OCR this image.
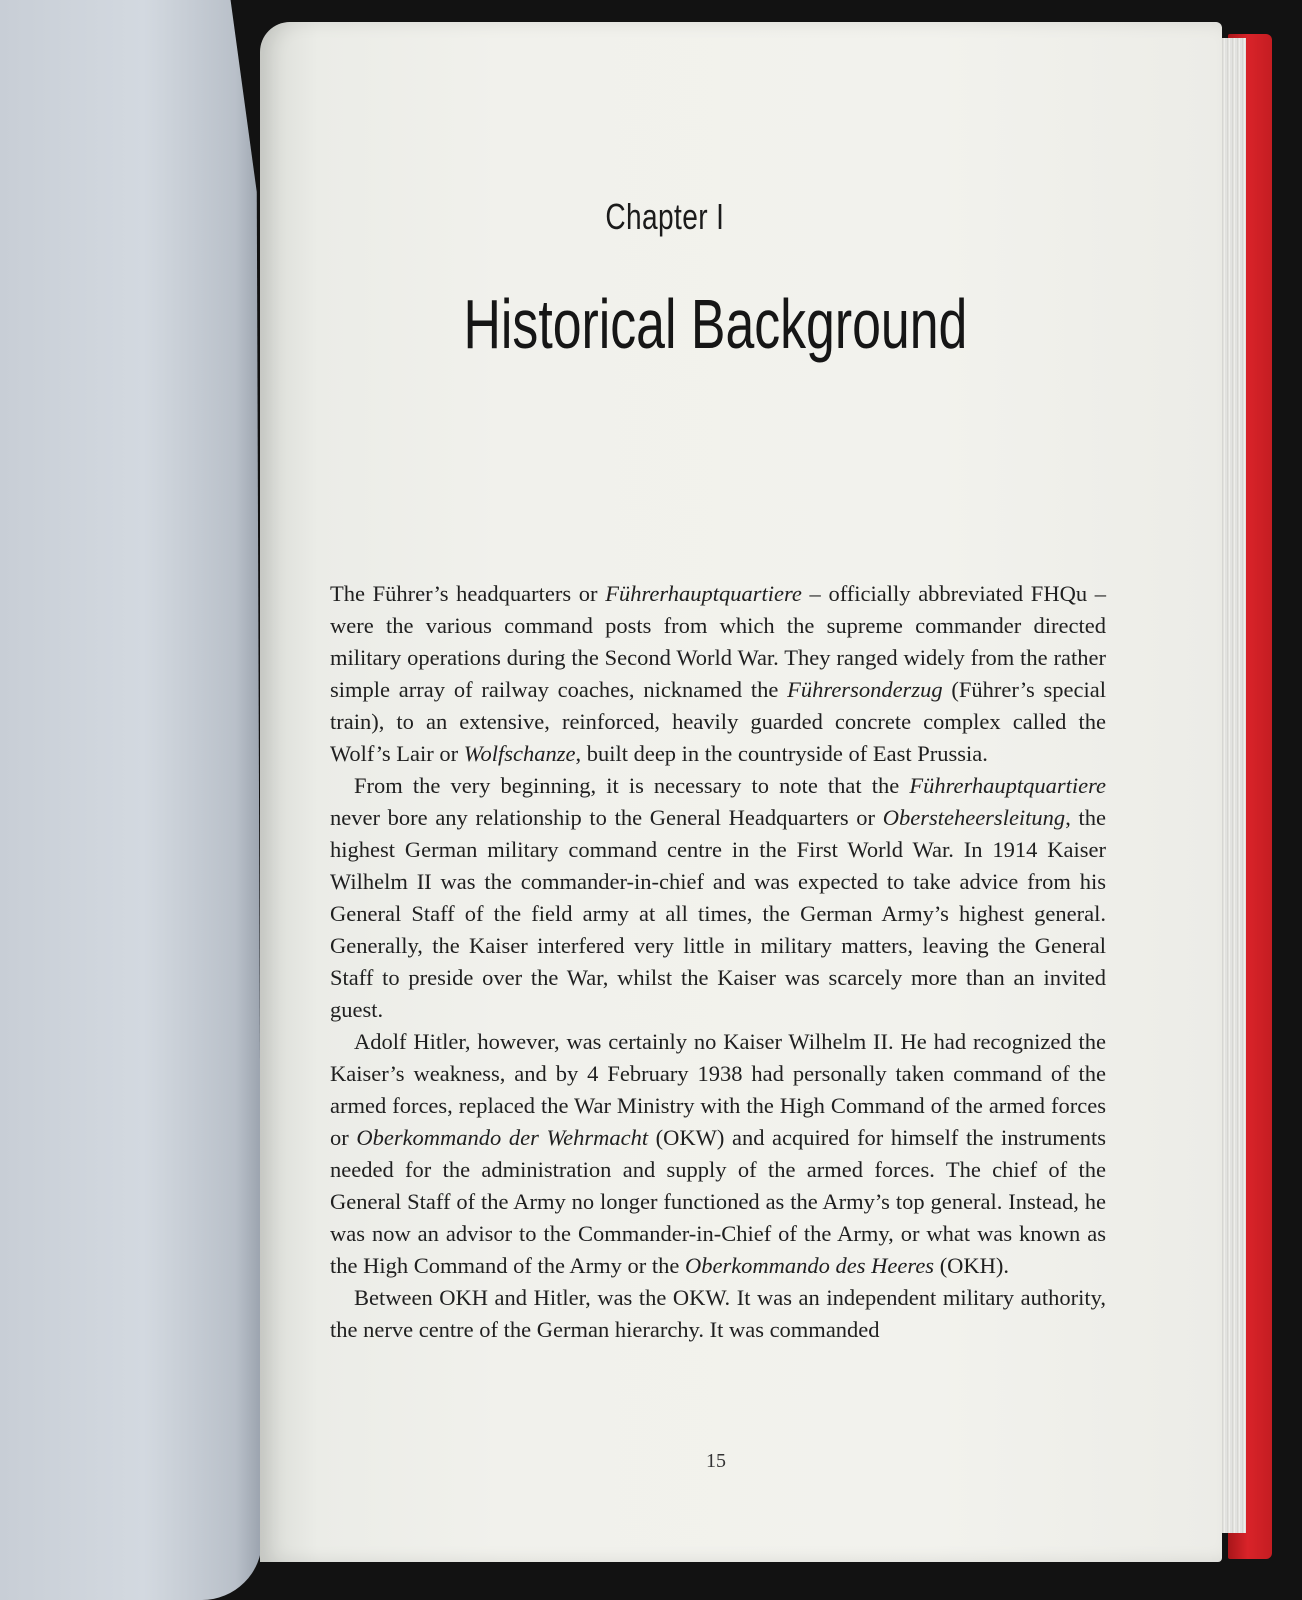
Chapter I
Historical Background

The Führer’s headquarters or Führerhauptquartiere – officially abbreviated FHQu – were the various command posts from which the supreme commander directed military operations during the Second World War. They ranged widely from the rather simple array of railway coaches, nicknamed the Führersonderzug (Führer’s special train), to an extensive, reinforced, heavily guarded concrete complex called the Wolf’s Lair or Wolfschanze, built deep in the countryside of East Prussia.

From the very beginning, it is necessary to note that the Führerhauptquartiere never bore any relationship to the General Headquarters or Obersteheersleitung, the highest German military command centre in the First World War. In 1914 Kaiser Wilhelm II was the commander-in-chief and was expected to take advice from his General Staff of the field army at all times, the German Army’s highest general. Generally, the Kaiser interfered very little in military matters, leaving the General Staff to preside over the War, whilst the Kaiser was scarcely more than an invited guest.

Adolf Hitler, however, was certainly no Kaiser Wilhelm II. He had recognized the Kaiser’s weakness, and by 4 February 1938 had personally taken command of the armed forces, replaced the War Ministry with the High Command of the armed forces or Oberkommando der Wehrmacht (OKW) and acquired for himself the instruments needed for the administration and supply of the armed forces. The chief of the General Staff of the Army no longer functioned as the Army’s top general. Instead, he was now an advisor to the Commander-in-Chief of the Army, or what was known as the High Command of the Army or the Oberkommando des Heeres (OKH).

Between OKH and Hitler, was the OKW. It was an independent military authority, the nerve centre of the German hierarchy. It was commanded

15
